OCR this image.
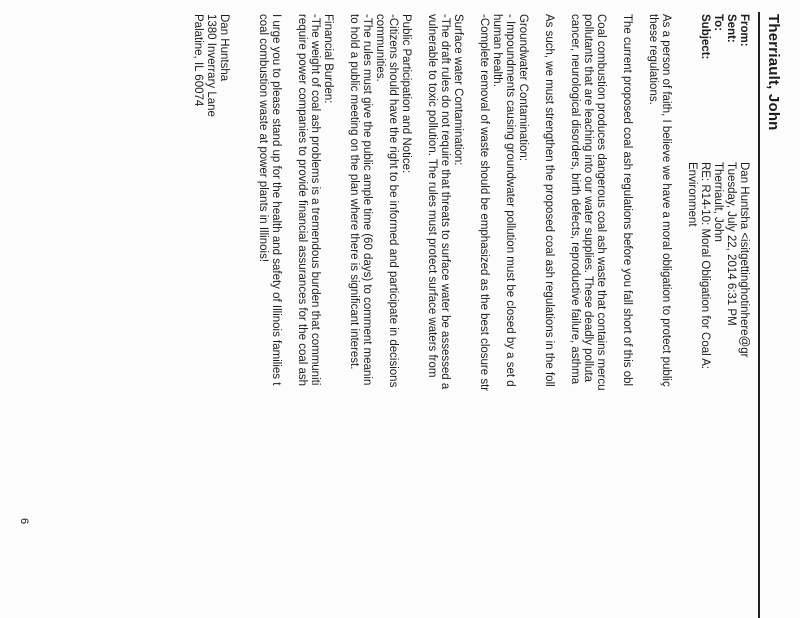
Therriault, John
From:
Sent:
To:
Subject:
Dan Huntsha <isitgettinghotinhere@gr
Tuesday, July 22, 2014 6:31 PM
Therriault, John
RE: R14-10: Moral Obligation for Coal A:
Environment
As a person of faith, I believe we have a moral obligation to protect publiç
these regulations.
The current proposed coal ash regulations before you fall short of this obl
Coal combustion produces dangerous coal ash waste that contains mercu
pollutants that are leaching into our water supplies. These deadly polluta
cancer, neurological disorders, birth defects, reproductive failure, asthma
As such, we must strengthen the proposed coal ash regulations in the foll
Groundwater Contamination:
- Impoundments causing groundwater pollution must be closed by a set d
human health.
-Complete removal of waste should be emphasized as the best closure str
Surface water Contamination:
-The draft rules do not require that threats to surface water be assessed a
vulnerable to toxic pollution. The rules must protect surface waters from
Public Participation and Notice:
-Citizens should have the right to be informed and participate in decisions
communities.
-The rules must give the public ample time (60 days) to comment meanin
to hold a public meeting on the plan where there is significant interest.
Financial Burden:
-The weight of coal ash problems is a tremendous burden that communiti
require power companies to provide financial assurances for the coal ash
I urge you to please stand up for the health and safety of Illinois families t
coal combustion waste at power plants in Illinois!
Dan Huntsha
1380 Inverrary Lane
Palatine, IL 60074
6
